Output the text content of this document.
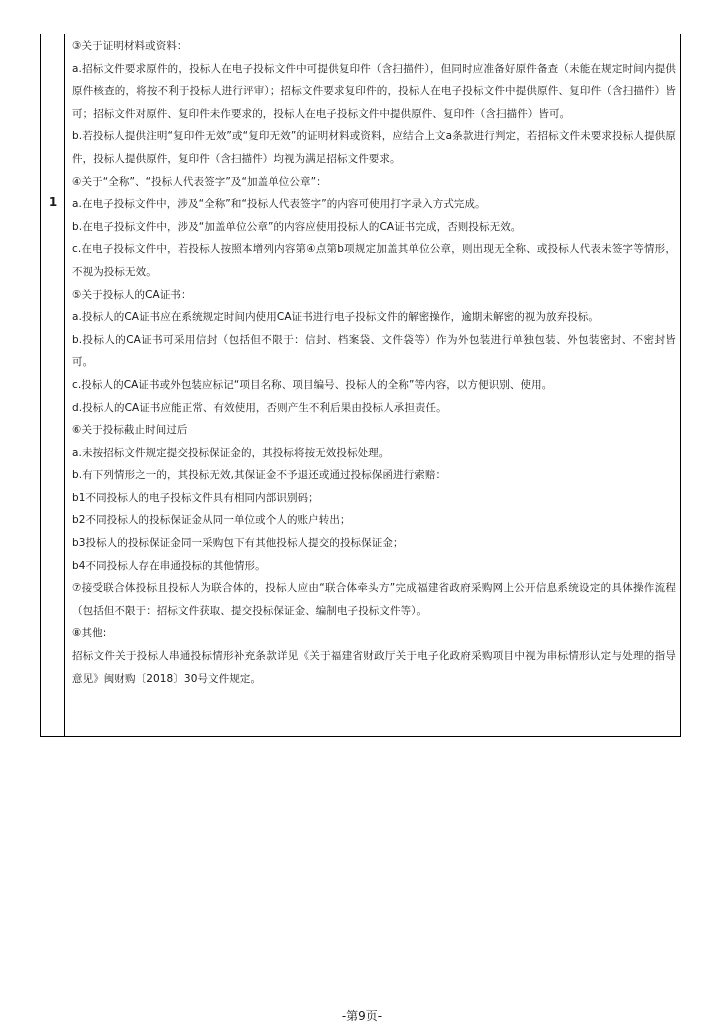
1

③关于证明材料或资料：

a.招标文件要求原件的，投标人在电子投标文件中可提供复印件（含扫描件），但同时应准备好原件备查（未能在规定时间内提供原件核查的，将按不利于投标人进行评审）；招标文件要求复印件的，投标人在电子投标文件中提供原件、复印件（含扫描件）皆可；招标文件对原件、复印件未作要求的，投标人在电子投标文件中提供原件、复印件（含扫描件）皆可。

b.若投标人提供注明“复印件无效”或“复印无效”的证明材料或资料，应结合上文a条款进行判定，若招标文件未要求投标人提供原件，投标人提供原件，复印件（含扫描件）均视为满足招标文件要求。

④关于“全称”、“投标人代表签字”及“加盖单位公章”：

a.在电子投标文件中，涉及“全称”和“投标人代表签字”的内容可使用打字录入方式完成。

b.在电子投标文件中，涉及“加盖单位公章”的内容应使用投标人的CA证书完成，否则投标无效。

c.在电子投标文件中，若投标人按照本增列内容第④点第b项规定加盖其单位公章，则出现无全称、或投标人代表未签字等情形，不视为投标无效。

⑤关于投标人的CA证书：

a.投标人的CA证书应在系统规定时间内使用CA证书进行电子投标文件的解密操作，逾期未解密的视为放弃投标。

b.投标人的CA证书可采用信封（包括但不限于：信封、档案袋、文件袋等）作为外包装进行单独包装、外包装密封、不密封皆可。

c.投标人的CA证书或外包装应标记“项目名称、项目编号、投标人的全称”等内容，以方便识别、使用。

d.投标人的CA证书应能正常、有效使用，否则产生不利后果由投标人承担责任。

⑥关于投标截止时间过后

a.未按招标文件规定提交投标保证金的，其投标将按无效投标处理。

b.有下列情形之一的，其投标无效,其保证金不予退还或通过投标保函进行索赔：

b1不同投标人的电子投标文件具有相同内部识别码；

b2不同投标人的投标保证金从同一单位或个人的账户转出；

b3投标人的投标保证金同一采购包下有其他投标人提交的投标保证金；

b4不同投标人存在串通投标的其他情形。

⑦接受联合体投标且投标人为联合体的，投标人应由“联合体牵头方”完成福建省政府采购网上公开信息系统设定的具体操作流程（包括但不限于：招标文件获取、提交投标保证金、编制电子投标文件等）。

⑧其他:

招标文件关于投标人串通投标情形补充条款详见《关于福建省财政厅关于电子化政府采购项目中视为串标情形认定与处理的指导意见》闽财购〔2018〕30号文件规定。

-第9页-
